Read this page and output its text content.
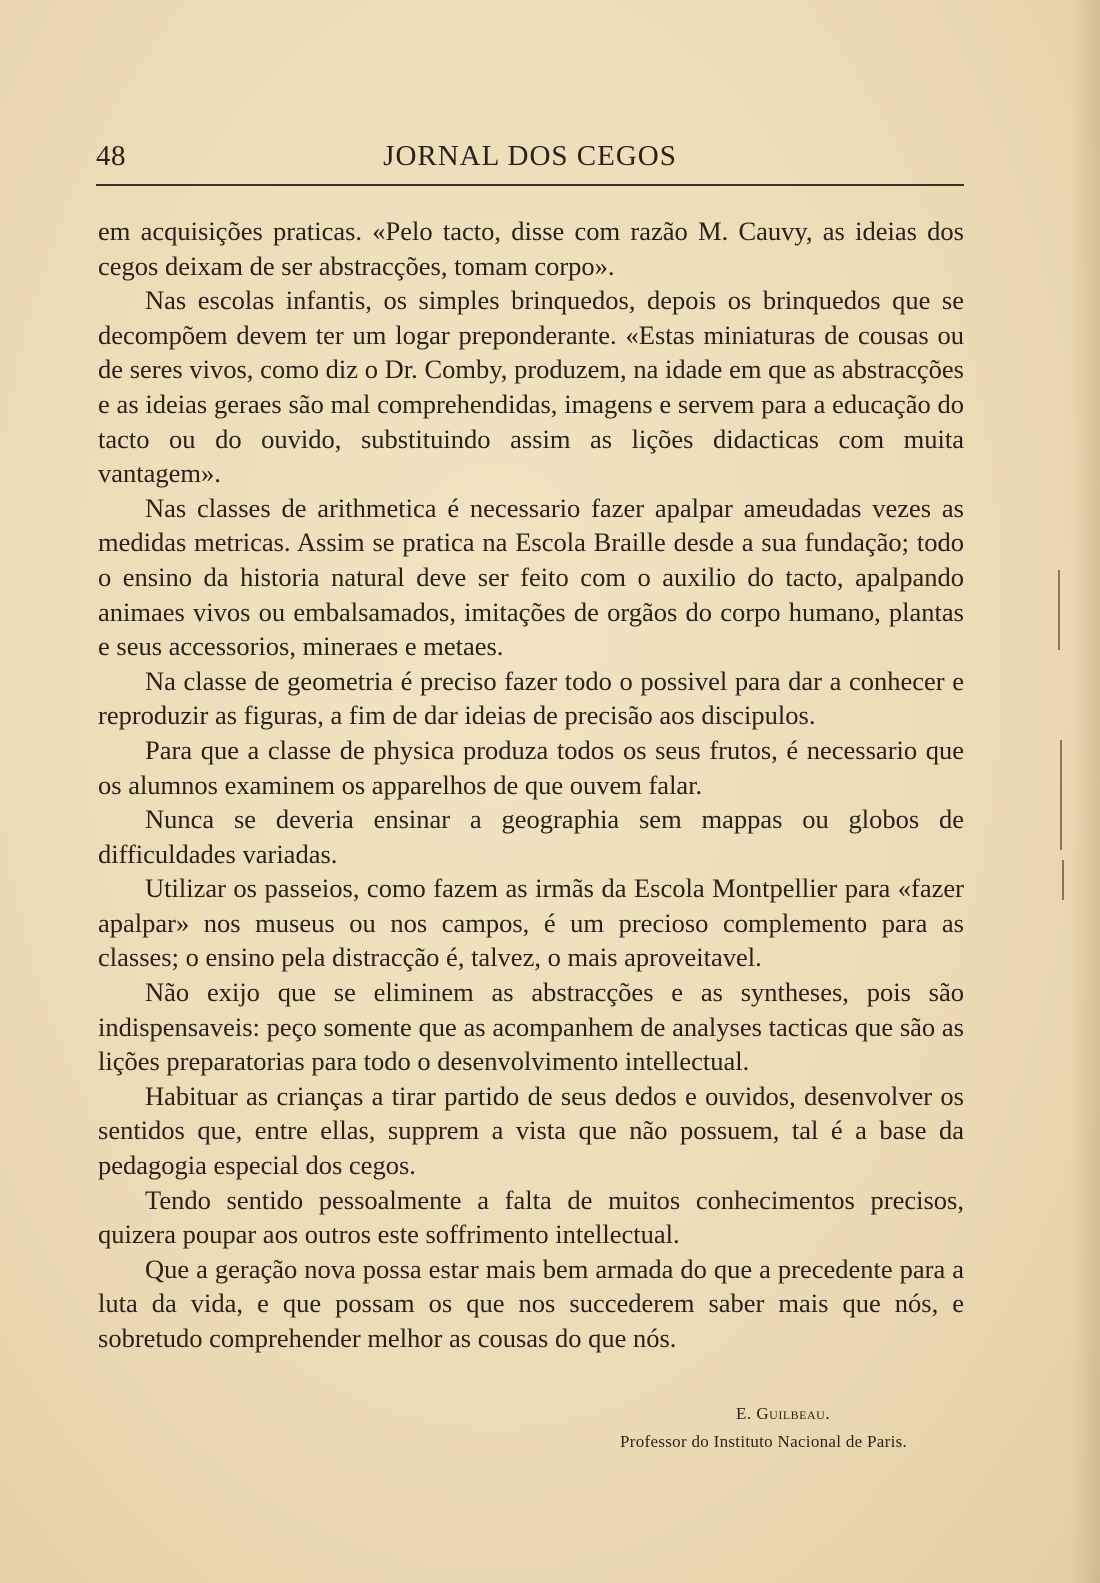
48	JORNAL DOS CEGOS

em acquisições praticas. «Pelo tacto, disse com razão M. Cauvy, as ideias dos cegos deixam de ser abstracções, tomam corpo».

Nas escolas infantis, os simples brinquedos, depois os brinquedos que se decompõem devem ter um logar preponderante. «Estas miniaturas de cousas ou de seres vivos, como diz o Dr. Comby, produzem, na idade em que as abstracções e as ideias geraes são mal comprehendidas, imagens e servem para a educação do tacto ou do ouvido, substituindo assim as lições didacticas com muita vantagem».

Nas classes de arithmetica é necessario fazer apalpar ameudadas vezes as medidas metricas. Assim se pratica na Escola Braille desde a sua fundação; todo o ensino da historia natural deve ser feito com o auxilio do tacto, apalpando animaes vivos ou embalsamados, imitações de orgãos do corpo humano, plantas e seus accessorios, mineraes e metaes.

Na classe de geometria é preciso fazer todo o possivel para dar a conhecer e reproduzir as figuras, a fim de dar ideias de precisão aos discipulos.

Para que a classe de physica produza todos os seus frutos, é necessario que os alumnos examinem os apparelhos de que ouvem falar.

Nunca se deveria ensinar a geographia sem mappas ou globos de difficuldades variadas.

Utilizar os passeios, como fazem as irmãs da Escola Montpellier para «fazer apalpar» nos museus ou nos campos, é um precioso complemento para as classes; o ensino pela distracção é, talvez, o mais aproveitavel.

Não exijo que se eliminem as abstracções e as syntheses, pois são indispensaveis: peço somente que as acompanhem de analyses tacticas que são as lições preparatorias para todo o desenvolvimento intellectual.

Habituar as crianças a tirar partido de seus dedos e ouvidos, desenvolver os sentidos que, entre ellas, supprem a vista que não possuem, tal é a base da pedagogia especial dos cegos.

Tendo sentido pessoalmente a falta de muitos conhecimentos precisos, quizera poupar aos outros este soffrimento intellectual.

Que a geração nova possa estar mais bem armada do que a precedente para a luta da vida, e que possam os que nos succederem saber mais que nós, e sobretudo comprehender melhor as cousas do que nós.

E. Guilbeau.
Professor do Instituto Nacional de Paris.
